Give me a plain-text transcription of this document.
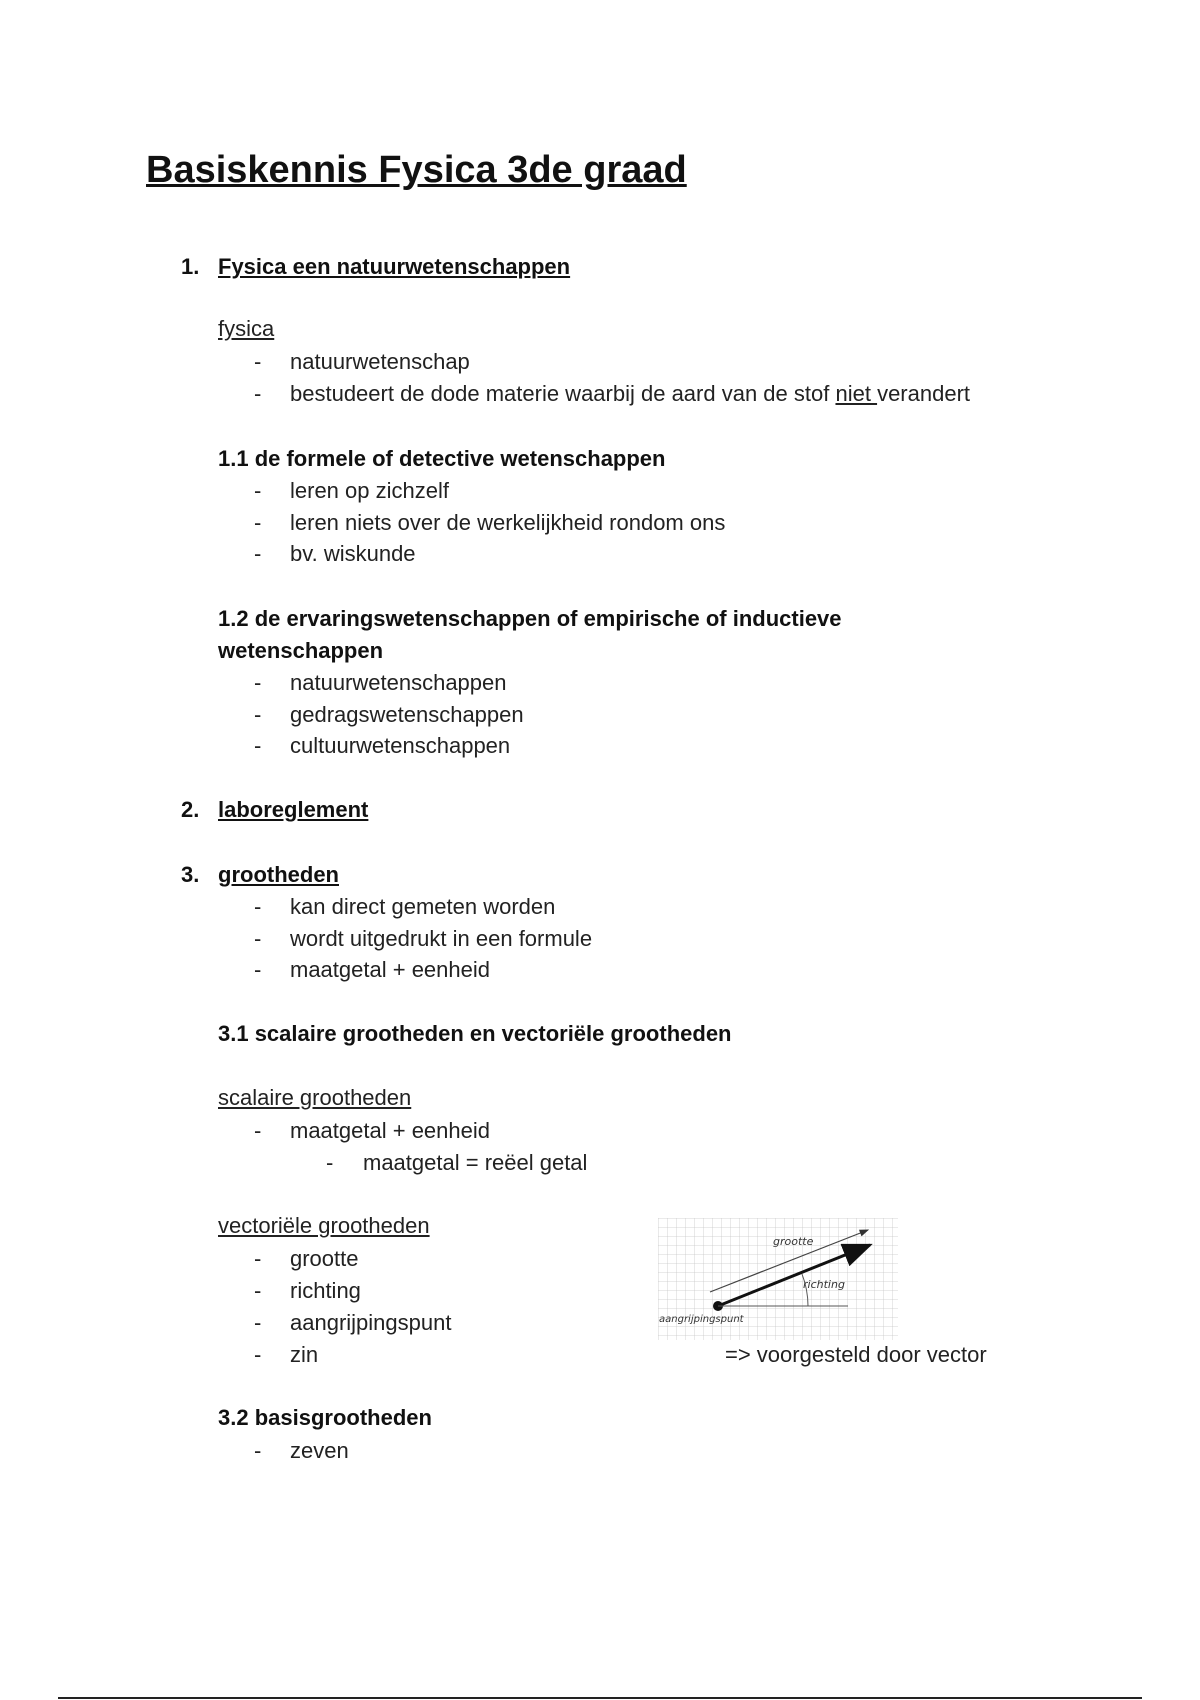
Basiskennis Fysica 3de graad
1. Fysica een natuurwetenschappen
fysica
- natuurwetenschap
- bestudeert de dode materie waarbij de aard van de stof niet verandert
1.1 de formele of detective wetenschappen
- leren op zichzelf
- leren niets over de werkelijkheid rondom ons
- bv. wiskunde
1.2 de ervaringswetenschappen of empirische of inductieve
wetenschappen
- natuurwetenschappen
- gedragswetenschappen
- cultuurwetenschappen
2. laboreglement
3. grootheden
- kan direct gemeten worden
- wordt uitgedrukt in een formule
- maatgetal + eenheid
3.1 scalaire grootheden en vectoriële grootheden
scalaire grootheden
- maatgetal + eenheid
- maatgetal = reëel getal
vectoriële grootheden
- grootte
- richting
- aangrijpingspunt
- zin	=> voorgesteld door vector
grootte
richting
aangrijpingspunt
3.2 basisgrootheden
- zeven
